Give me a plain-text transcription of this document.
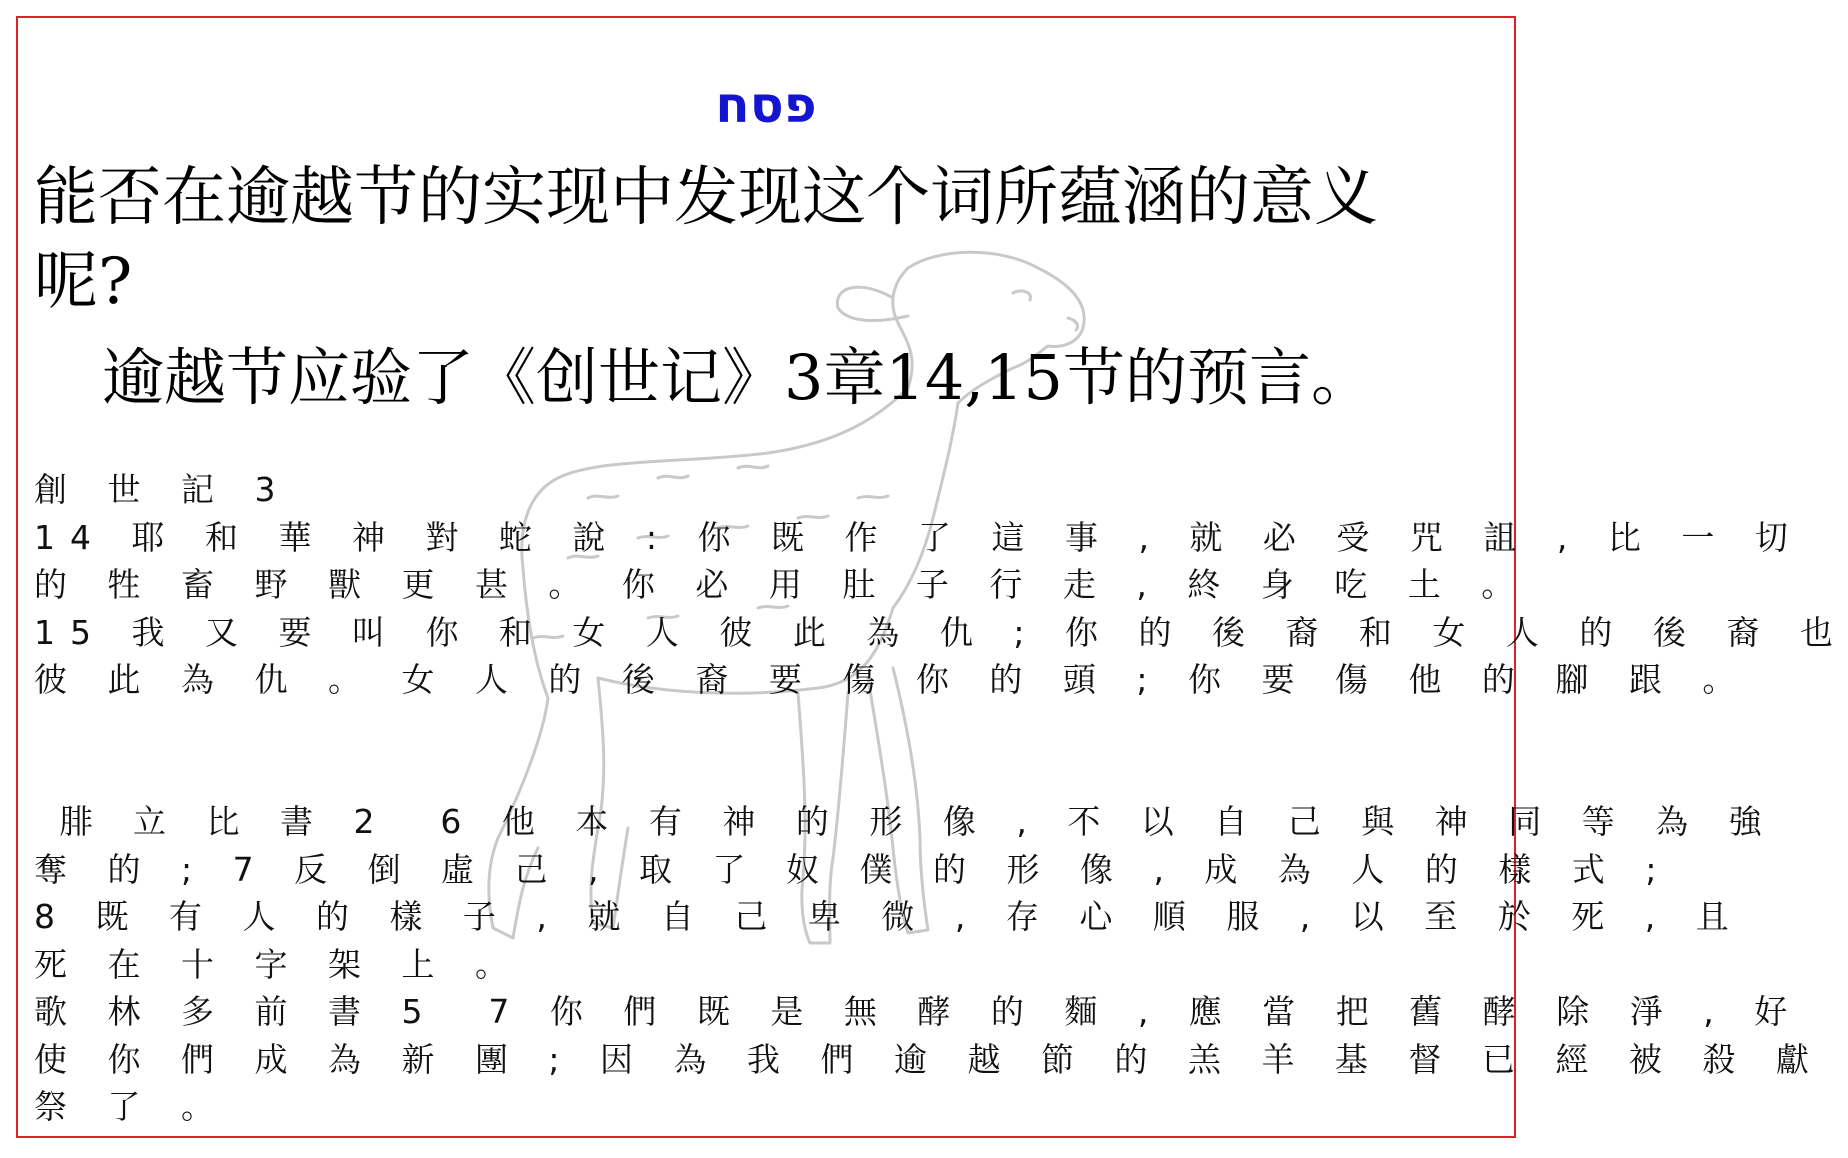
פסח
能否在逾越节的实现中发现这个词所蕴涵的意义
呢?
逾越节应验了《创世记》3章14,15节的预言。
創 世 記 3
14 耶 和 華 神 對 蛇 說 : 你 既 作 了 這 事 , 就 必 受 咒 詛 , 比 一 切
的 牲 畜 野 獸 更 甚 。 你 必 用 肚 子 行 走 , 終 身 吃 土 。
15 我 又 要 叫 你 和 女 人 彼 此 為 仇 ; 你 的 後 裔 和 女 人 的 後 裔 也
彼 此 為 仇 。 女 人 的 後 裔 要 傷 你 的 頭 ; 你 要 傷 他 的 腳 跟 。
腓 立 比 書 2  6 他 本 有 神 的 形 像 , 不 以 自 己 與 神 同 等 為 強
奪 的 ; 7 反 倒 虛 己 , 取 了 奴 僕 的 形 像 , 成 為 人 的 樣 式 ;
8 既 有 人 的 樣 子 , 就 自 己 卑 微 , 存 心 順 服 , 以 至 於 死 , 且
死 在 十 字 架 上 。
歌 林 多 前 書 5  7 你 們 既 是 無 酵 的 麵 , 應 當 把 舊 酵 除 淨 , 好
使 你 們 成 為 新 團 ; 因 為 我 們 逾 越 節 的 羔 羊 基 督 已 經 被 殺 獻
祭 了 。
